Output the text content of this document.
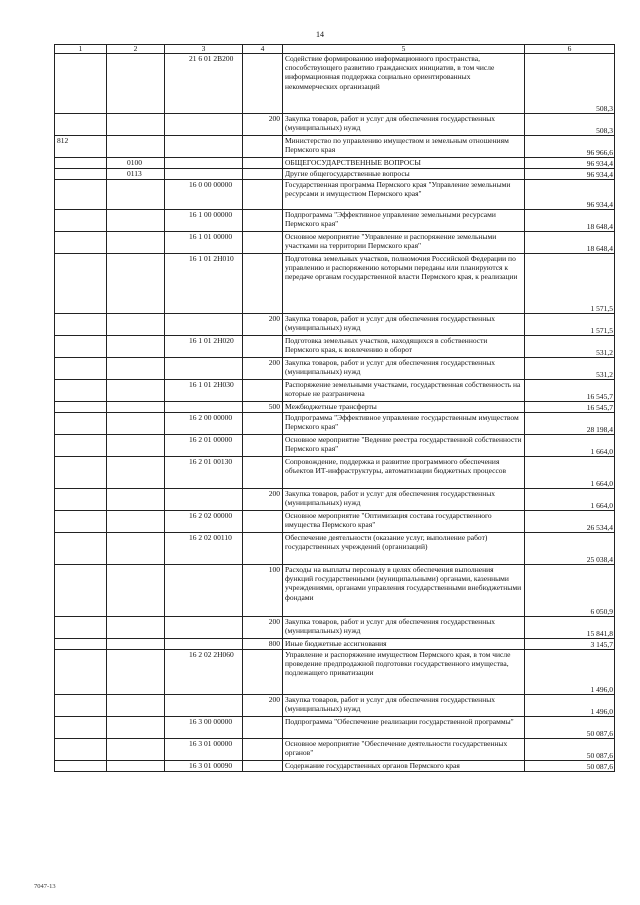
14
1	2	3	4	5	6
		21 6 01 2В200		Содействие формированию информационного пространства, способствующего развитию гражданских инициатив, в том числе информационная поддержка социально ориентированных некоммерческих организаций	508,3
			200	Закупка товаров, работ и услуг для обеспечения государственных (муниципальных) нужд	508,3
812				Министерство по управлению имуществом и земельным отношениям Пермского края	96 966,6
	0100			ОБЩЕГОСУДАРСТВЕННЫЕ ВОПРОСЫ	96 934,4
	0113			Другие общегосударственные вопросы	96 934,4
		16 0 00 00000		Государственная программа Пермского края "Управление земельными ресурсами и имуществом Пермского края"	96 934,4
		16 1 00 00000		Подпрограмма "Эффективное управление земельными ресурсами Пермского края"	18 648,4
		16 1 01 00000		Основное мероприятие "Управление и распоряжение земельными участками на территории Пермского края"	18 648,4
		16 1 01 2Н010		Подготовка земельных участков, полномочия Российской Федерации по управлению и распоряжению которыми переданы или планируются к передаче органам государственной власти Пермского края, к реализации	1 571,5
			200	Закупка товаров, работ и услуг для обеспечения государственных (муниципальных) нужд	1 571,5
		16 1 01 2Н020		Подготовка земельных участков, находящихся в собственности Пермского края, к вовлечению в оборот	531,2
			200	Закупка товаров, работ и услуг для обеспечения государственных (муниципальных) нужд	531,2
		16 1 01 2Н030		Распоряжение земельными участками, государственная собственность на которые не разграничена	16 545,7
			500	Межбюджетные трансферты	16 545,7
		16 2 00 00000		Подпрограмма "Эффективное управление государственным имуществом Пермского края"	28 198,4
		16 2 01 00000		Основное мероприятие "Ведение реестра государственной собственности Пермского края"	1 664,0
		16 2 01 00130		Сопровождение, поддержка и развитие программного обеспечения объектов ИТ-инфраструктуры, автоматизации бюджетных процессов	1 664,0
			200	Закупка товаров, работ и услуг для обеспечения государственных (муниципальных) нужд	1 664,0
		16 2 02 00000		Основное мероприятие "Оптимизация состава государственного имущества Пермского края"	26 534,4
		16 2 02 00110		Обеспечение деятельности (оказание услуг, выполнение работ) государственных учреждений (организаций)	25 038,4
			100	Расходы на выплаты персоналу в целях обеспечения выполнения функций государственными (муниципальными) органами, казенными учреждениями, органами управления государственными внебюджетными фондами	6 050,9
			200	Закупка товаров, работ и услуг для обеспечения государственных (муниципальных) нужд	15 841,8
			800	Иные бюджетные ассигнования	3 145,7
		16 2 02 2Н060		Управление и распоряжение имуществом Пермского края, в том числе проведение предпродажной подготовки государственного имущества, подлежащего приватизации	1 496,0
			200	Закупка товаров, работ и услуг для обеспечения государственных (муниципальных) нужд	1 496,0
		16 3 00 00000		Подпрограмма "Обеспечение реализации государственной программы"	50 087,6
		16 3 01 00000		Основное мероприятие "Обеспечение деятельности государственных органов"	50 087,6
		16 3 01 00090		Содержание государственных органов Пермского края	50 087,6
7047-13
